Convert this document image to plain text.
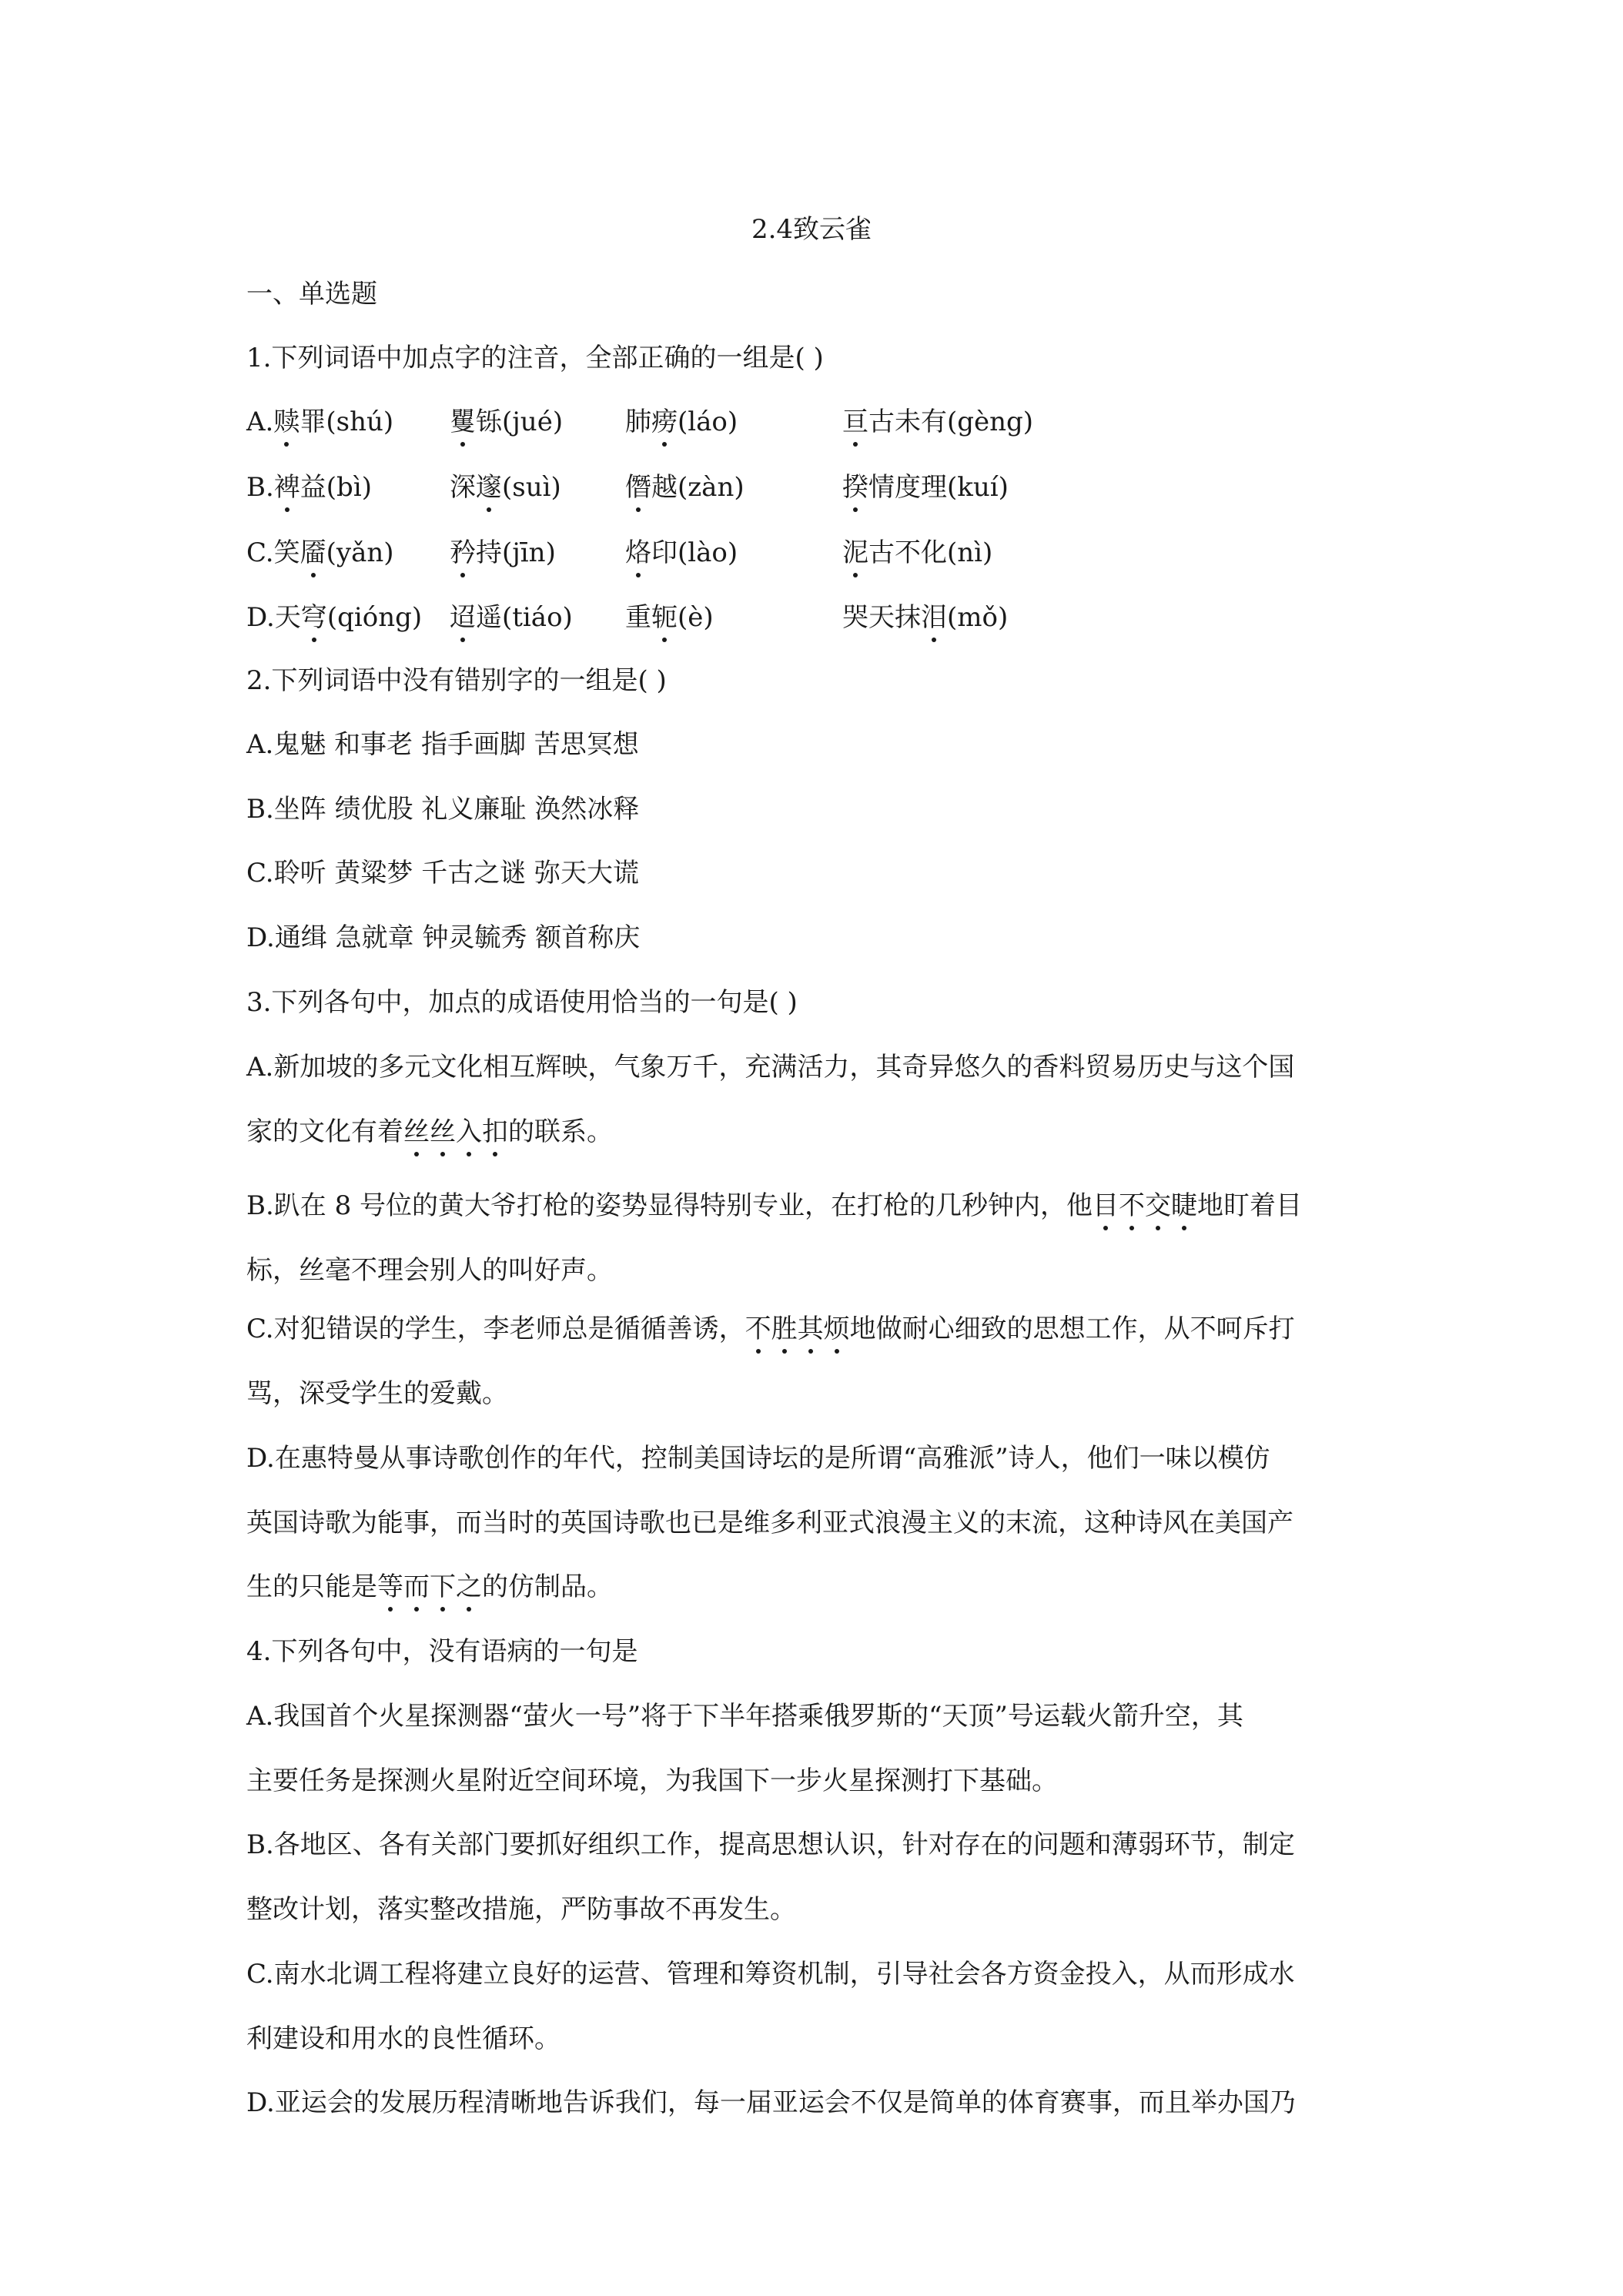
2.4致云雀
一、单选题
1.下列词语中加点字的注音，全部正确的一组是( )
A.赎罪(shú) 矍铄(jué) 肺痨(láo)	亘古未有(gèng)
B.裨益(bì)	深邃(suì) 僭越(zàn)	揆情度理(kuí)
C.笑靥(yǎn) 矜持(jīn)	烙印(lào)	泥古不化(nì)
D.天穹(qióng) 迢遥(tiáo) 重轭(è)	哭天抹泪(mǒ)
2.下列词语中没有错别字的一组是( )
A.鬼魅 和事老 指手画脚 苦思冥想
B.坐阵 绩优股 礼义廉耻 涣然冰释
C.聆听 黄粱梦 千古之谜 弥天大谎
D.通缉 急就章 钟灵毓秀 额首称庆
3.下列各句中，加点的成语使用恰当的一句是( )
A.新加坡的多元文化相互辉映，气象万千，充满活力，其奇异悠久的香料贸易历史与这个国
家的文化有着丝丝入扣的联系。
B.趴在 8 号位的黄大爷打枪的姿势显得特别专业，在打枪的几秒钟内，他目不交睫地盯着目
标，丝毫不理会别人的叫好声。
C.对犯错误的学生，李老师总是循循善诱，不胜其烦地做耐心细致的思想工作，从不呵斥打
骂，深受学生的爱戴。
D.在惠特曼从事诗歌创作的年代，控制美国诗坛的是所谓“高雅派”诗人，他们一味以模仿
英国诗歌为能事，而当时的英国诗歌也已是维多利亚式浪漫主义的末流，这种诗风在美国产
生的只能是等而下之的仿制品。
4.下列各句中，没有语病的一句是
A.我国首个火星探测器“萤火一号”将于下半年搭乘俄罗斯的“天顶”号运载火箭升空，其
主要任务是探测火星附近空间环境，为我国下一步火星探测打下基础。
B.各地区、各有关部门要抓好组织工作，提高思想认识，针对存在的问题和薄弱环节，制定
整改计划，落实整改措施，严防事故不再发生。
C.南水北调工程将建立良好的运营、管理和筹资机制，引导社会各方资金投入，从而形成水
利建设和用水的良性循环。
D.亚运会的发展历程清晰地告诉我们，每一届亚运会不仅是简单的体育赛事，而且举办国乃
